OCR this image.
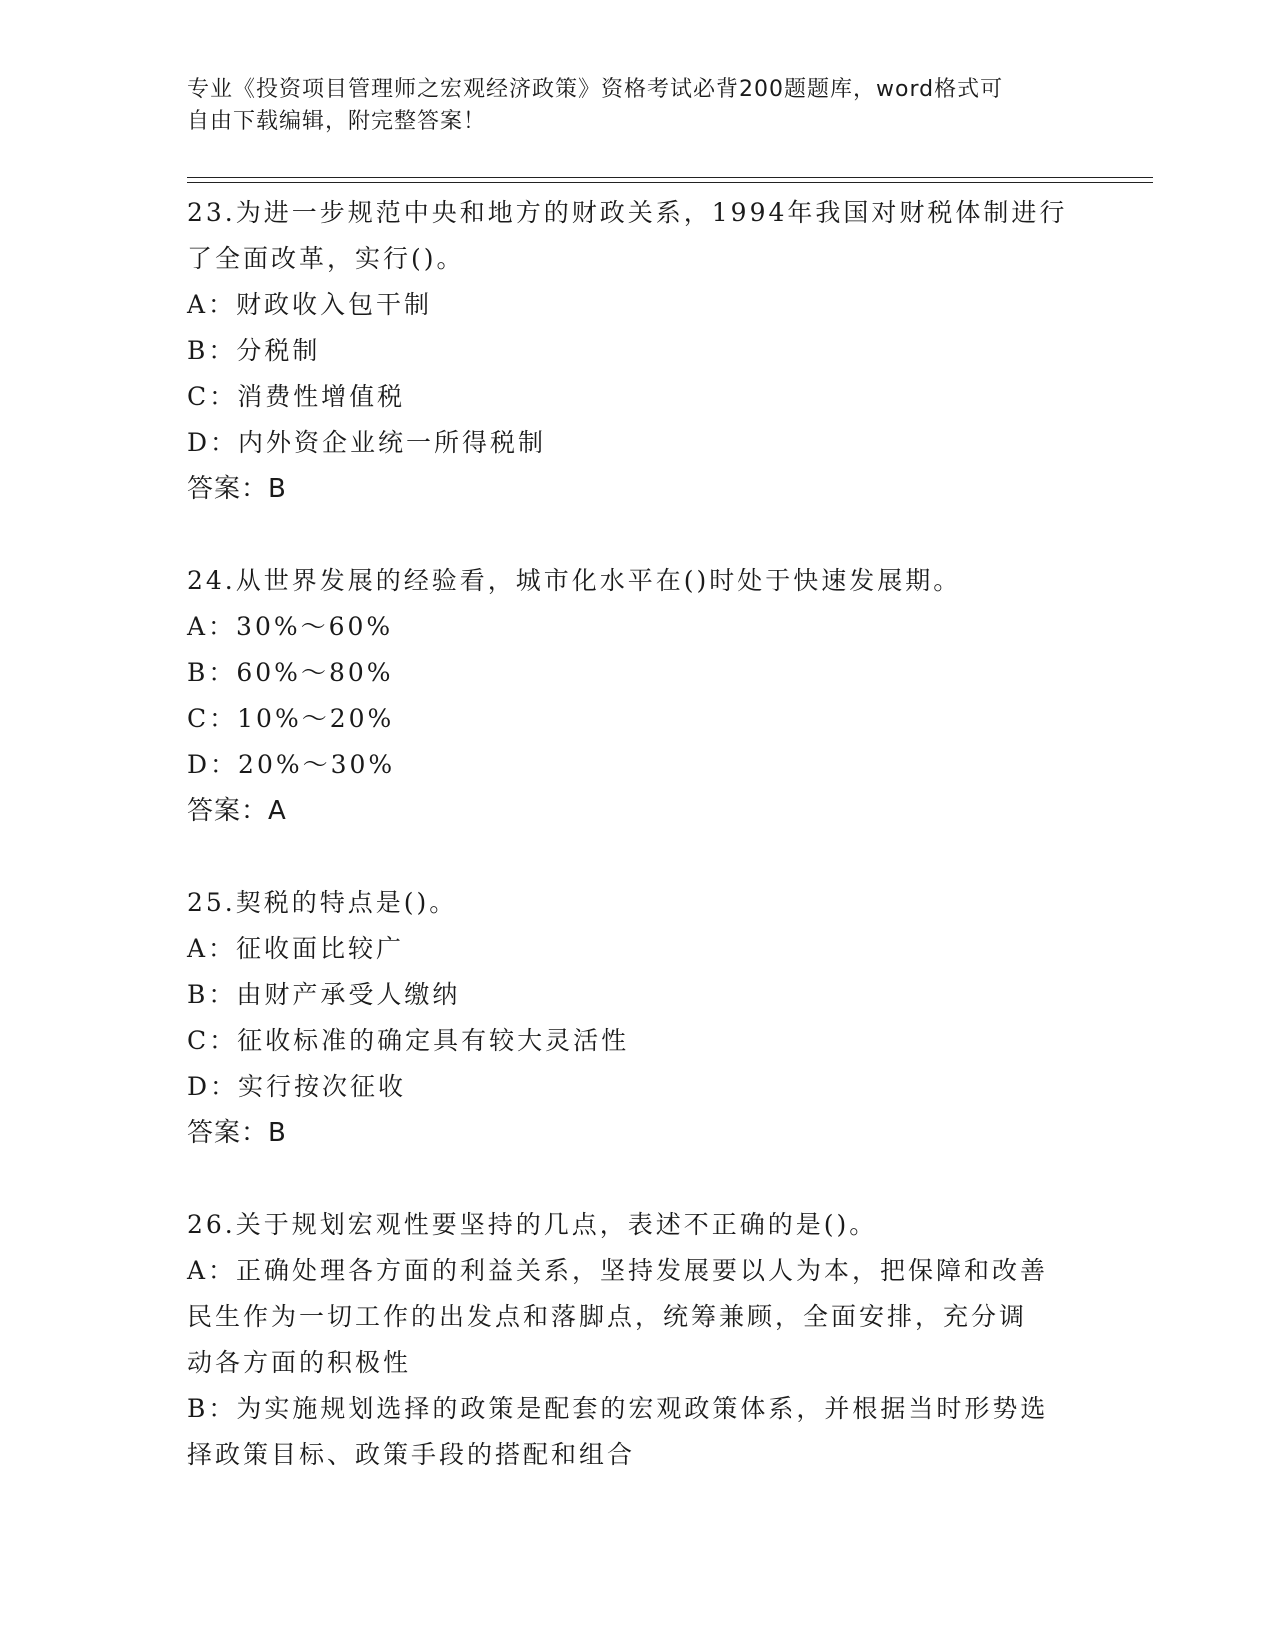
专业《投资项目管理师之宏观经济政策》资格考试必背200题题库，word格式可
自由下载编辑，附完整答案！
23.为进一步规范中央和地方的财政关系，1994年我国对财税体制进行
了全面改革，实行()。
A：财政收入包干制
B：分税制
C：消费性增值税
D：内外资企业统一所得税制
答案：B
24.从世界发展的经验看，城市化水平在()时处于快速发展期。
A：30%～60%
B：60%～80%
C：10%～20%
D：20%～30%
答案：A
25.契税的特点是()。
A：征收面比较广
B：由财产承受人缴纳
C：征收标准的确定具有较大灵活性
D：实行按次征收
答案：B
26.关于规划宏观性要坚持的几点，表述不正确的是()。
A：正确处理各方面的利益关系，坚持发展要以人为本，把保障和改善
民生作为一切工作的出发点和落脚点，统筹兼顾，全面安排，充分调
动各方面的积极性
B：为实施规划选择的政策是配套的宏观政策体系，并根据当时形势选
择政策目标、政策手段的搭配和组合
